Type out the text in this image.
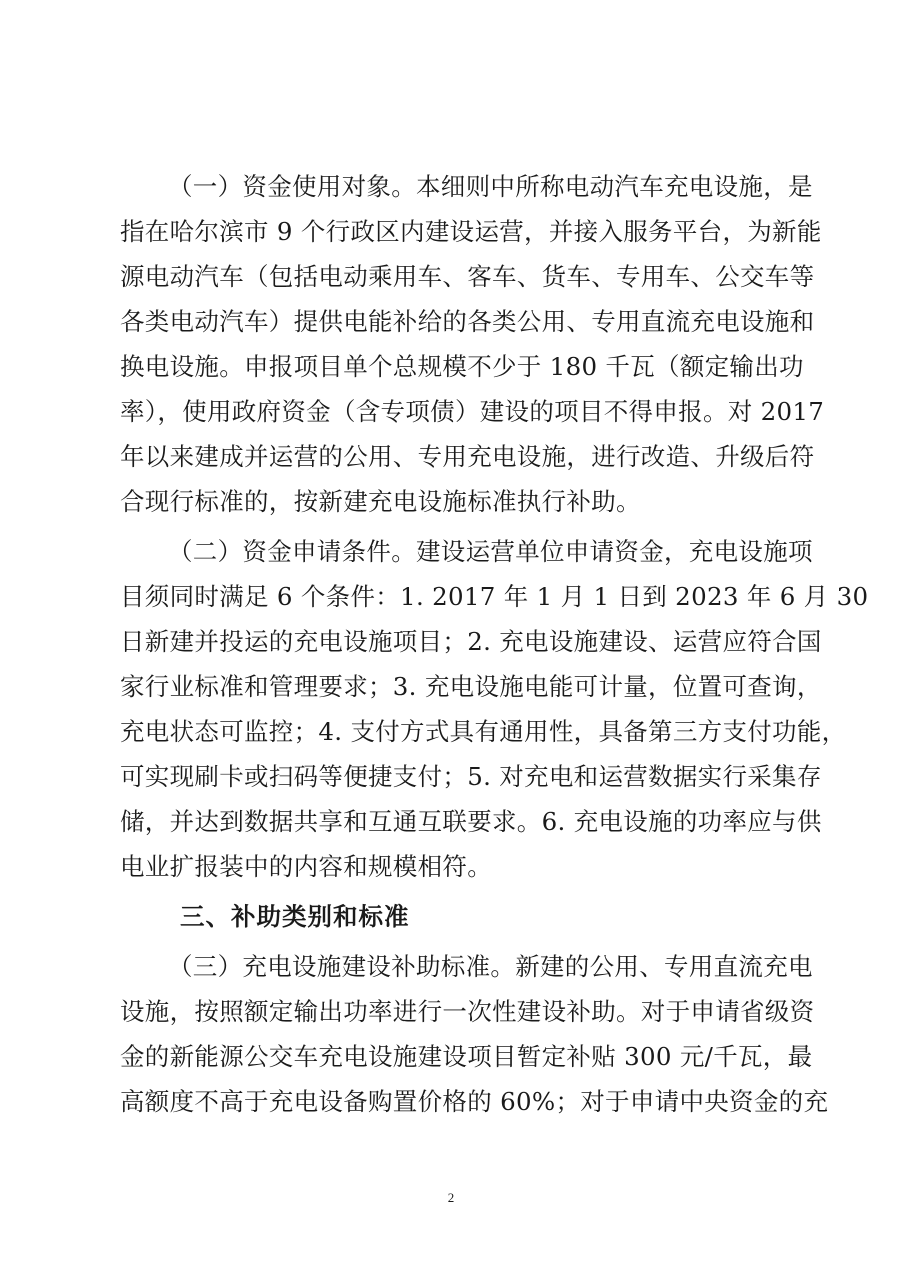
（一）资金使用对象。本细则中所称电动汽车充电设施，是
指在哈尔滨市 9 个行政区内建设运营，并接入服务平台，为新能
源电动汽车（包括电动乘用车、客车、货车、专用车、公交车等
各类电动汽车）提供电能补给的各类公用、专用直流充电设施和
换电设施。申报项目单个总规模不少于 180 千瓦（额定输出功
率），使用政府资金（含专项债）建设的项目不得申报。对 2017
年以来建成并运营的公用、专用充电设施，进行改造、升级后符
合现行标准的，按新建充电设施标准执行补助。
（二）资金申请条件。建设运营单位申请资金，充电设施项
目须同时满足 6 个条件：1. 2017 年 1 月 1 日到 2023 年 6 月 30
日新建并投运的充电设施项目；2. 充电设施建设、运营应符合国
家行业标准和管理要求；3. 充电设施电能可计量，位置可查询，
充电状态可监控；4. 支付方式具有通用性，具备第三方支付功能，
可实现刷卡或扫码等便捷支付；5. 对充电和运营数据实行采集存
储，并达到数据共享和互通互联要求。6. 充电设施的功率应与供
电业扩报装中的内容和规模相符。
三、补助类别和标准
（三）充电设施建设补助标准。新建的公用、专用直流充电
设施，按照额定输出功率进行一次性建设补助。对于申请省级资
金的新能源公交车充电设施建设项目暂定补贴 300 元/千瓦，最
高额度不高于充电设备购置价格的 60%；对于申请中央资金的充
2
